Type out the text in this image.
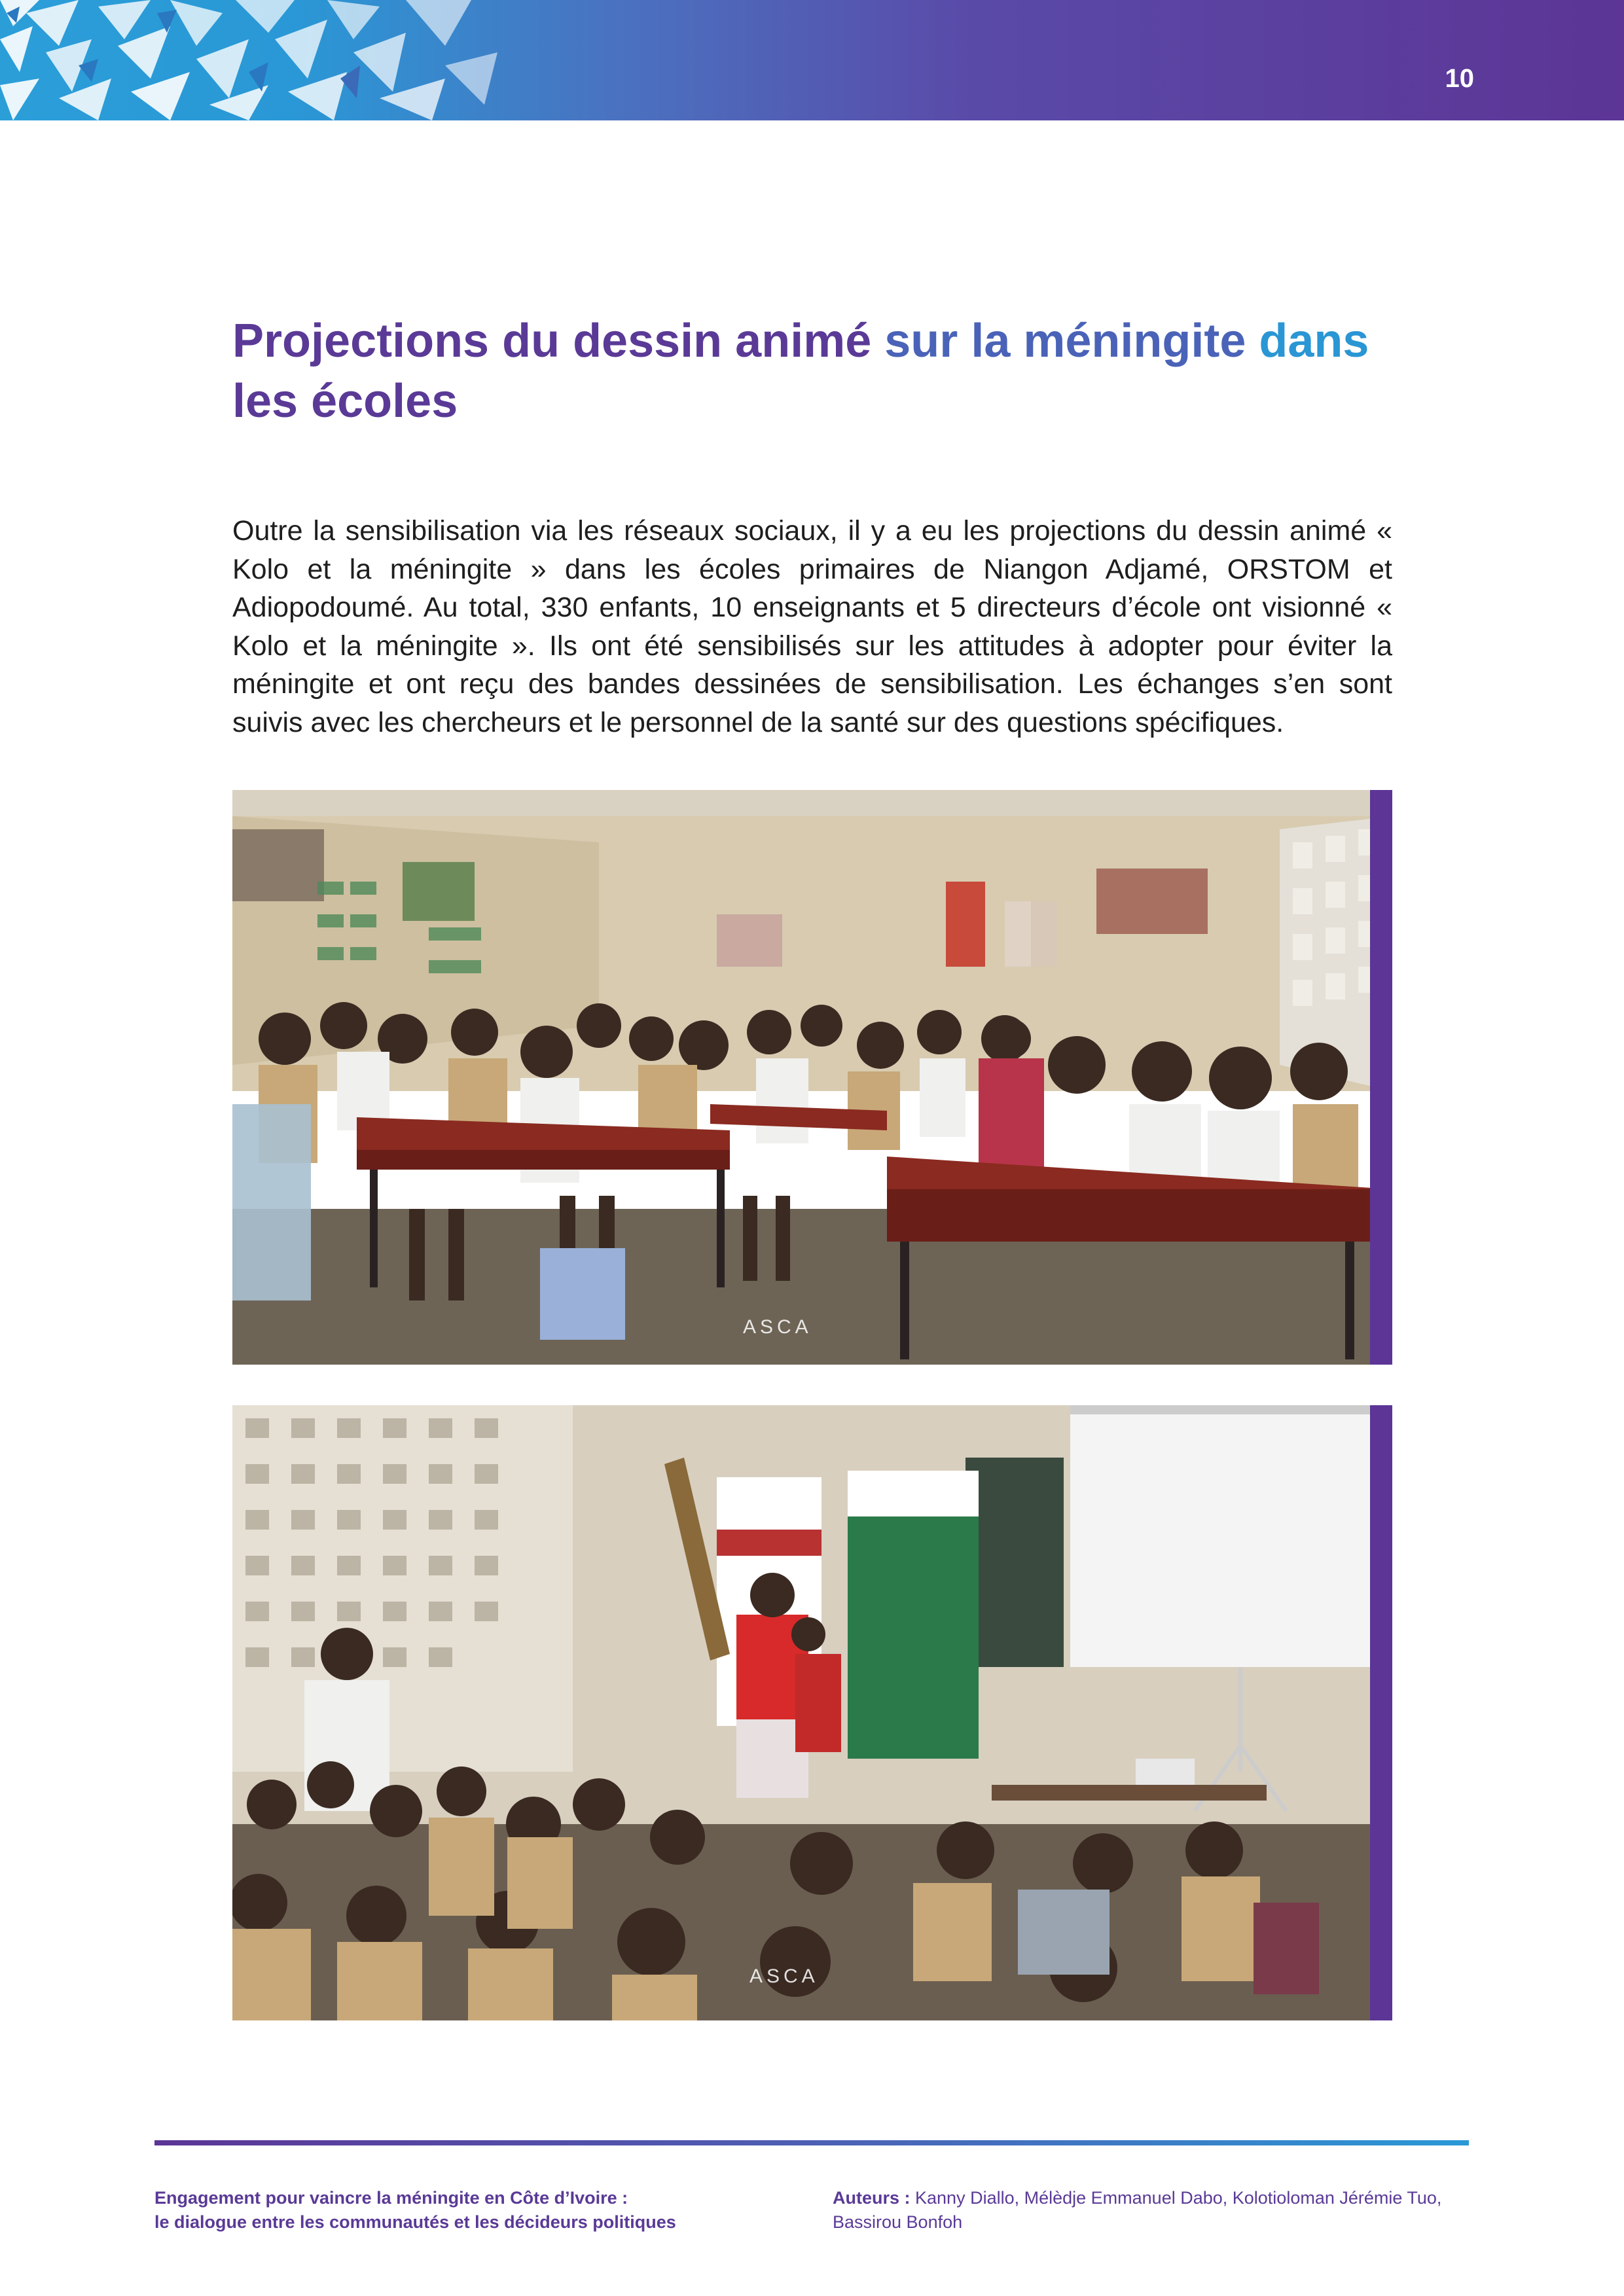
10
Projections du dessin animé sur la méningite dans
les écoles

Outre la sensibilisation via les réseaux sociaux, il y a eu les projections du dessin animé « Kolo et la méningite » dans les écoles primaires de Niangon Adjamé, ORSTOM et Adiopodoumé. Au total, 330 enfants, 10 enseignants et 5 directeurs d’école ont visionné « Kolo et la méningite ». Ils ont été sensibilisés sur les attitudes à adopter pour éviter la méningite et ont reçu des bandes dessinées de sensibilisation. Les échanges s’en sont suivis avec les chercheurs et le personnel de la santé sur des questions spécifiques.

ASCA
ASCA
Engagement pour vaincre la méningite en Côte d’Ivoire :
le dialogue entre les communautés et les décideurs politiques
Auteurs : Kanny Diallo, Mélèdje Emmanuel Dabo, Kolotioloman Jérémie Tuo, Bassirou Bonfoh
